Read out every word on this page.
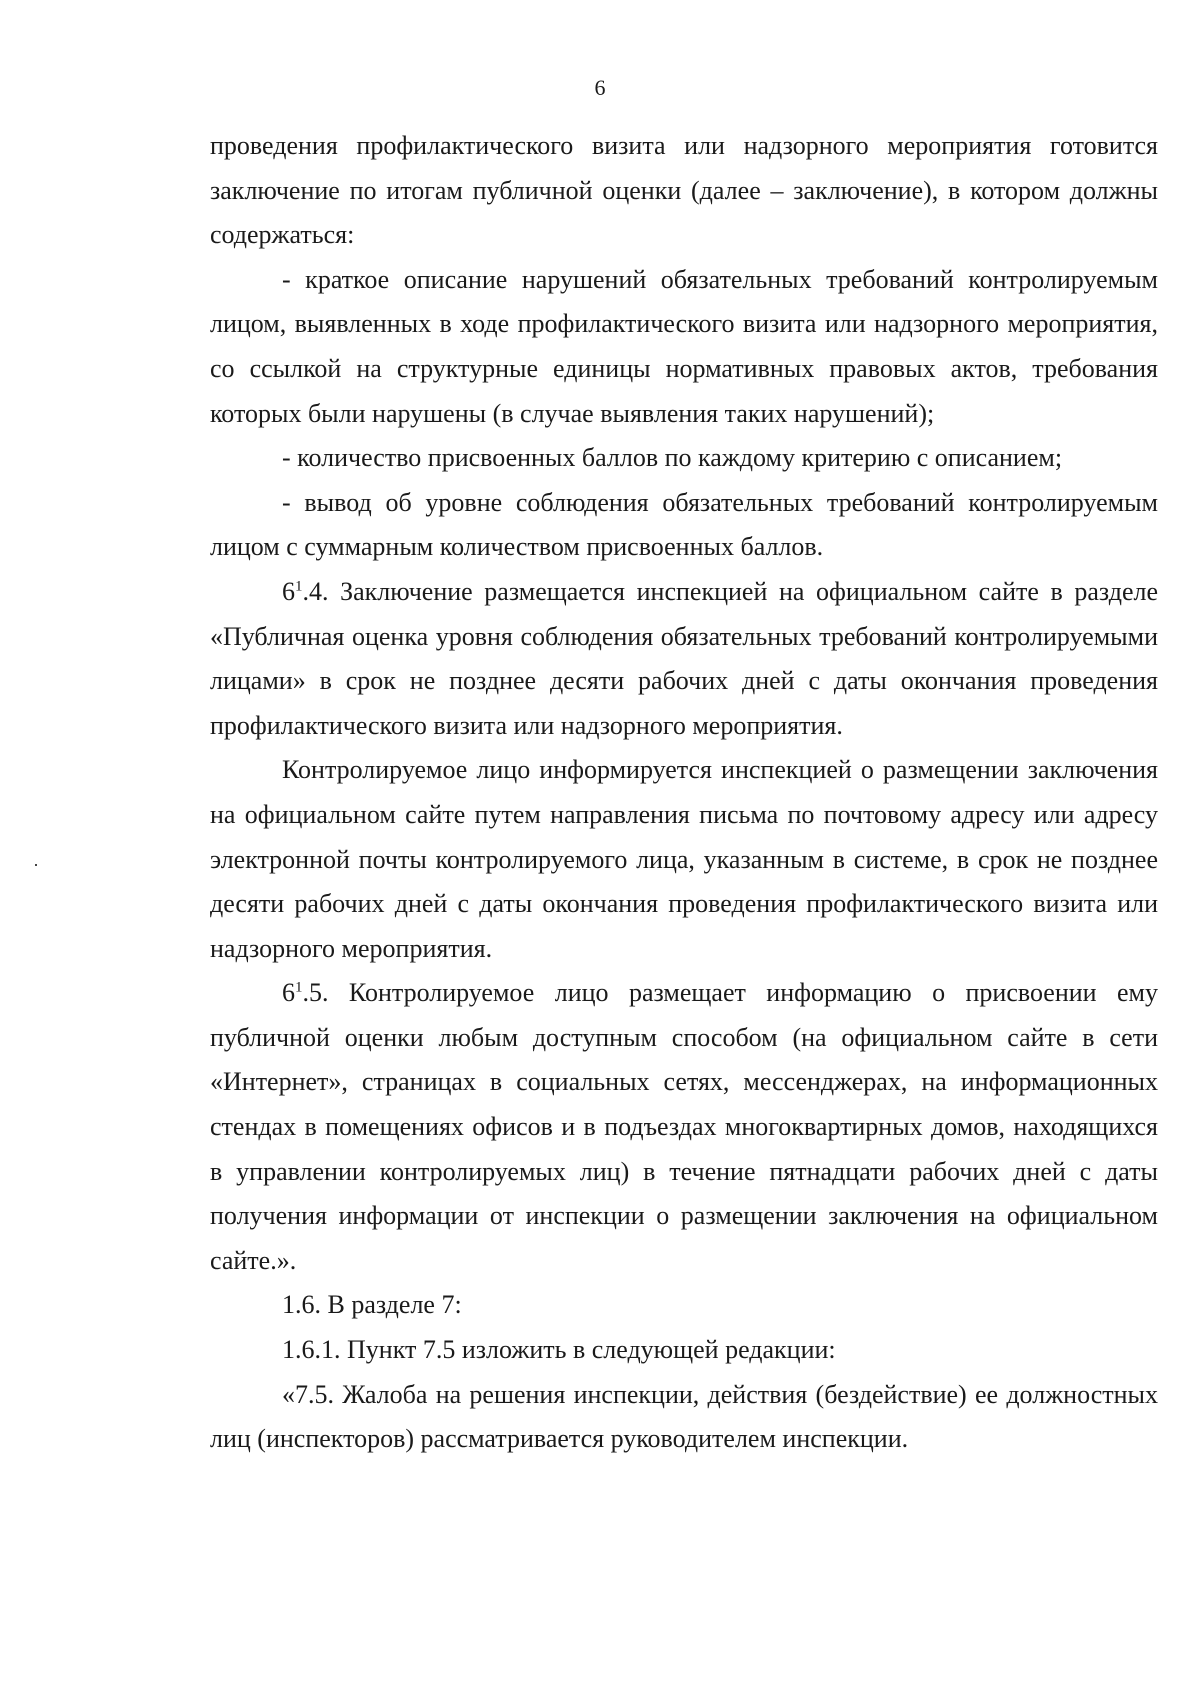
6

проведения профилактического визита или надзорного мероприятия готовится заключение по итогам публичной оценки (далее – заключение), в котором должны содержаться:

- краткое описание нарушений обязательных требований контролируемым лицом, выявленных в ходе профилактического визита или надзорного мероприятия, со ссылкой на структурные единицы нормативных правовых актов, требования которых были нарушены (в случае выявления таких нарушений);

- количество присвоенных баллов по каждому критерию с описанием;

- вывод об уровне соблюдения обязательных требований контролируемым лицом с суммарным количеством присвоенных баллов.

$6^1.4$. Заключение размещается инспекцией на официальном сайте в разделе «Публичная оценка уровня соблюдения обязательных требований контролируемыми лицами» в срок не позднее десяти рабочих дней с даты окончания проведения профилактического визита или надзорного мероприятия.

Контролируемое лицо информируется инспекцией о размещении заключения на официальном сайте путем направления письма по почтовому адресу или адресу электронной почты контролируемого лица, указанным в системе, в срок не позднее десяти рабочих дней с даты окончания проведения профилактического визита или надзорного мероприятия.

$6^1.5$. Контролируемое лицо размещает информацию о присвоении ему публичной оценки любым доступным способом (на официальном сайте в сети «Интернет», страницах в социальных сетях, мессенджерах, на информационных стендах в помещениях офисов и в подъездах многоквартирных домов, находящихся в управлении контролируемых лиц) в течение пятнадцати рабочих дней с даты получения информации от инспекции о размещении заключения на официальном сайте.».

1.6. В разделе 7:

1.6.1. Пункт 7.5 изложить в следующей редакции:

«7.5. Жалоба на решения инспекции, действия (бездействие) ее должностных лиц (инспекторов) рассматривается руководителем инспекции.
